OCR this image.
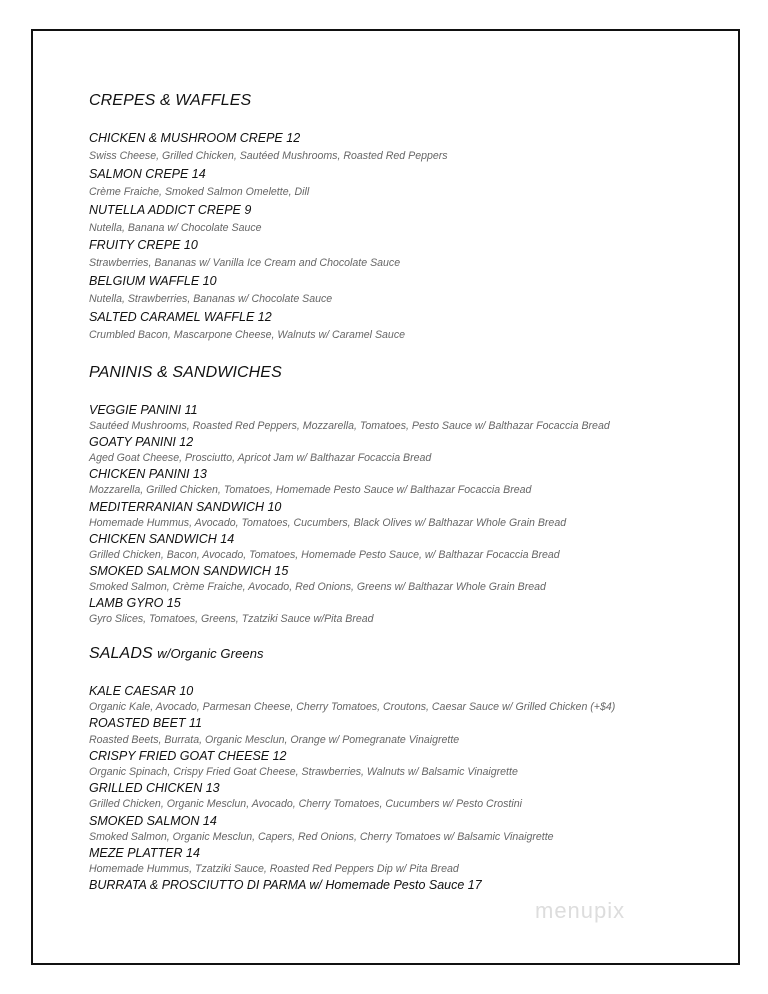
CREPES & WAFFLES
CHICKEN & MUSHROOM CREPE 12
Swiss Cheese, Grilled Chicken, Sautéed Mushrooms, Roasted Red Peppers
SALMON CREPE 14
Crème Fraiche, Smoked Salmon Omelette, Dill
NUTELLA ADDICT CREPE 9
Nutella, Banana w/ Chocolate Sauce
FRUITY CREPE 10
Strawberries, Bananas w/ Vanilla Ice Cream and Chocolate Sauce
BELGIUM WAFFLE 10
Nutella, Strawberries, Bananas w/ Chocolate Sauce
SALTED CARAMEL WAFFLE 12
Crumbled Bacon, Mascarpone Cheese, Walnuts w/ Caramel Sauce
PANINIS & SANDWICHES
VEGGIE PANINI 11
Sautéed Mushrooms, Roasted Red Peppers, Mozzarella, Tomatoes, Pesto Sauce w/ Balthazar Focaccia Bread
GOATY PANINI 12
Aged Goat Cheese, Prosciutto, Apricot Jam w/ Balthazar Focaccia Bread
CHICKEN PANINI 13
Mozzarella, Grilled Chicken, Tomatoes, Homemade Pesto Sauce w/ Balthazar Focaccia Bread
MEDITERRANIAN SANDWICH 10
Homemade Hummus, Avocado, Tomatoes, Cucumbers, Black Olives w/ Balthazar Whole Grain Bread
CHICKEN SANDWICH 14
Grilled Chicken, Bacon, Avocado, Tomatoes, Homemade Pesto Sauce, w/ Balthazar Focaccia Bread
SMOKED SALMON SANDWICH 15
Smoked Salmon, Crème Fraiche, Avocado, Red Onions, Greens w/ Balthazar Whole Grain Bread
LAMB GYRO 15
Gyro Slices, Tomatoes, Greens, Tzatziki Sauce w/Pita Bread
SALADS w/Organic Greens
KALE CAESAR 10
Organic Kale, Avocado, Parmesan Cheese, Cherry Tomatoes, Croutons, Caesar Sauce w/ Grilled Chicken (+$4)
ROASTED BEET 11
Roasted Beets, Burrata, Organic Mesclun, Orange w/ Pomegranate Vinaigrette
CRISPY FRIED GOAT CHEESE 12
Organic Spinach, Crispy Fried Goat Cheese, Strawberries, Walnuts w/ Balsamic Vinaigrette
GRILLED CHICKEN 13
Grilled Chicken, Organic Mesclun, Avocado, Cherry Tomatoes, Cucumbers w/ Pesto Crostini
SMOKED SALMON 14
Smoked Salmon, Organic Mesclun, Capers, Red Onions, Cherry Tomatoes w/ Balsamic Vinaigrette
MEZE PLATTER 14
Homemade Hummus, Tzatziki Sauce, Roasted Red Peppers Dip w/ Pita Bread
BURRATA & PROSCIUTTO DI PARMA w/ Homemade Pesto Sauce 17
menupix
